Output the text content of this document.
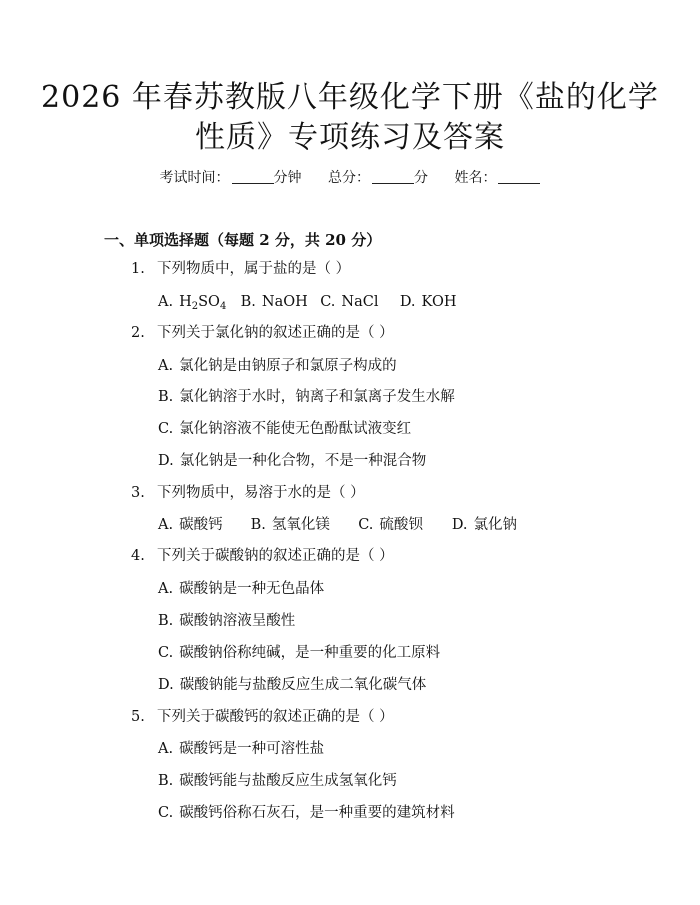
2026 年春苏教版八年级化学下册《盐的化学
性质》专项练习及答案
考试时间：	分钟 总分：	分 姓名：
一、单项选择题（每题 2 分，共 20 分）
1. 下列物质中，属于盐的是（ ）
A. $H_2SO_4$ B. NaOH C. NaCl D. KOH
2. 下列关于氯化钠的叙述正确的是（ ）
A. 氯化钠是由钠原子和氯原子构成的
B. 氯化钠溶于水时，钠离子和氯离子发生水解
C. 氯化钠溶液不能使无色酚酞试液变红
D. 氯化钠是一种化合物，不是一种混合物
3. 下列物质中，易溶于水的是（ ）
A. 碳酸钙 B. 氢氧化镁 C. 硫酸钡 D. 氯化钠
4. 下列关于碳酸钠的叙述正确的是（ ）
A. 碳酸钠是一种无色晶体
B. 碳酸钠溶液呈酸性
C. 碳酸钠俗称纯碱，是一种重要的化工原料
D. 碳酸钠能与盐酸反应生成二氧化碳气体
5. 下列关于碳酸钙的叙述正确的是（ ）
A. 碳酸钙是一种可溶性盐
B. 碳酸钙能与盐酸反应生成氢氧化钙
C. 碳酸钙俗称石灰石，是一种重要的建筑材料
